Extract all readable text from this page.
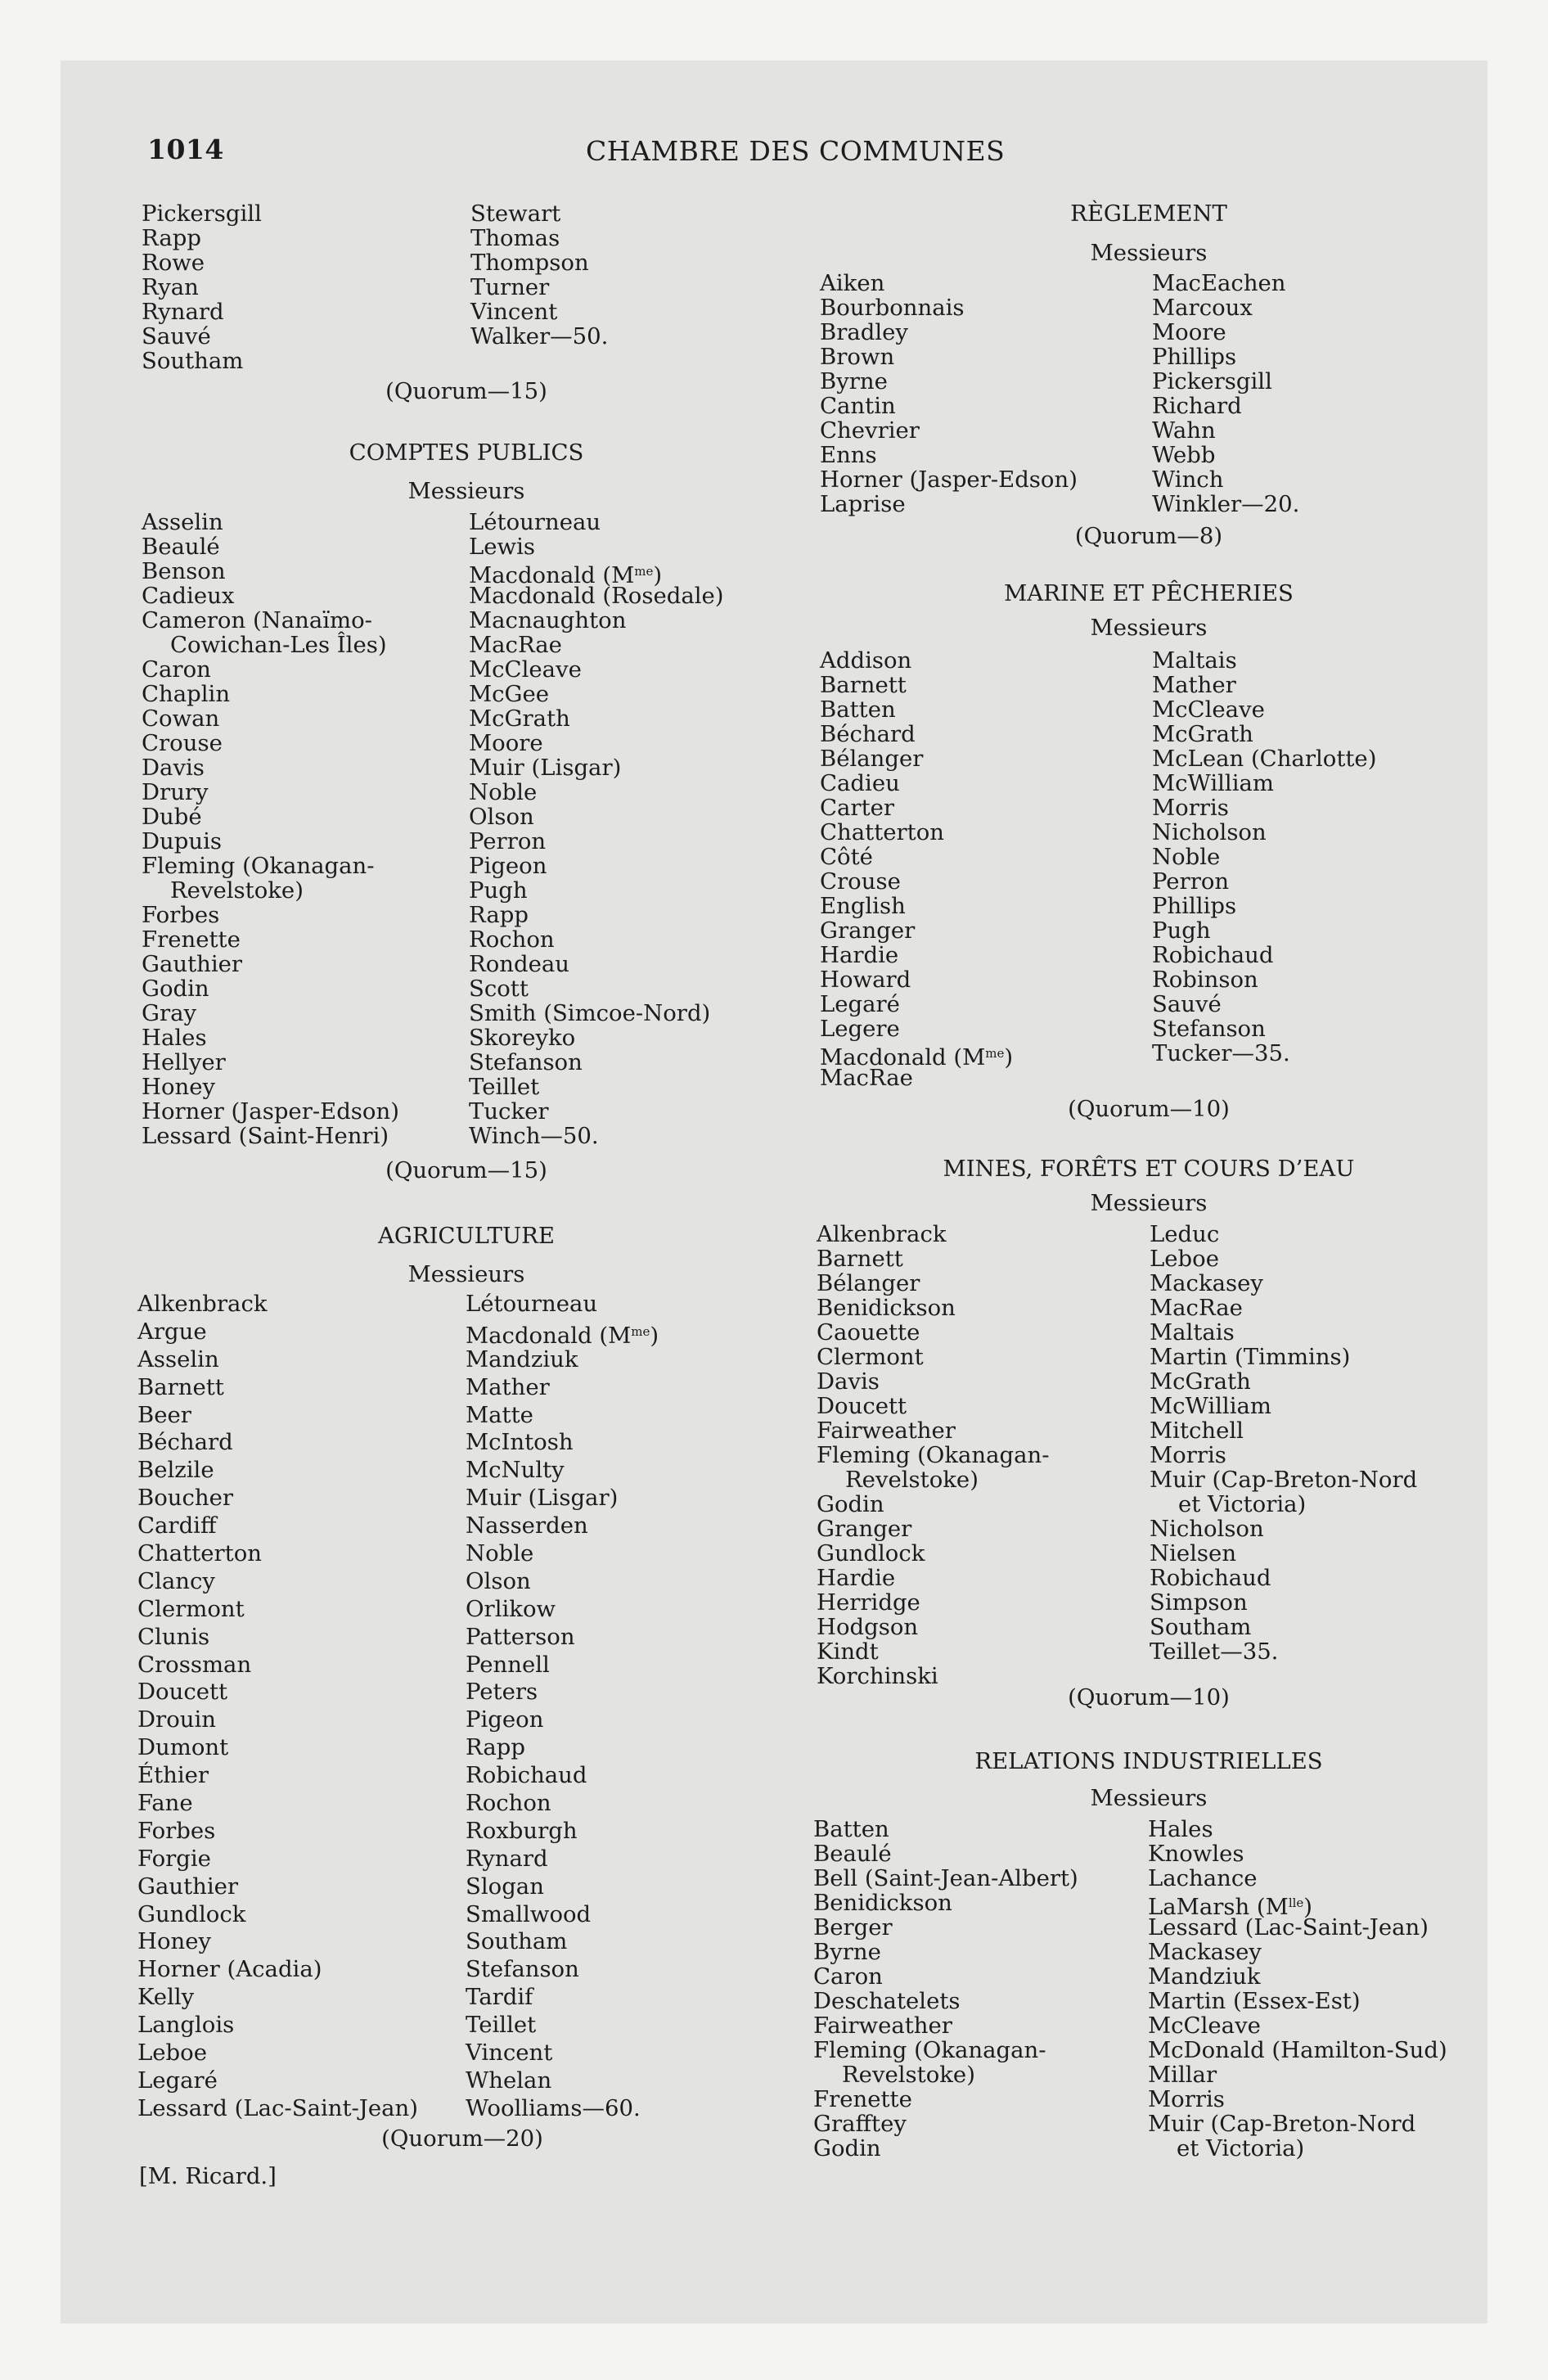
1014	CHAMBRE DES COMMUNES
Pickersgill
Rapp
Rowe
Ryan
Rynard
Sauvé
Southam
Stewart
Thomas
Thompson
Turner
Vincent
Walker—50.
(Quorum—15)
COMPTES PUBLICS
Messieurs
Asselin
Beaulé
Benson
Cadieux
Cameron (Nanaïmo-
Cowichan-Les Îles)
Caron
Chaplin
Cowan
Crouse
Davis
Drury
Dubé
Dupuis
Fleming (Okanagan-
Revelstoke)
Forbes
Frenette
Gauthier
Godin
Gray
Hales
Hellyer
Honey
Horner (Jasper-Edson)
Lessard (Saint-Henri)
Létourneau
Lewis
Macdonald $(M^{me})$
Macdonald (Rosedale)
Macnaughton
MacRae
McCleave
McGee
McGrath
Moore
Muir (Lisgar)
Noble
Olson
Perron
Pigeon
Pugh
Rapp
Rochon
Rondeau
Scott
Smith (Simcoe-Nord)
Skoreyko
Stefanson
Teillet
Tucker
Winch—50.
(Quorum—15)
AGRICULTURE
Messieurs
Alkenbrack
Argue
Asselin
Barnett
Beer
Béchard
Belzile
Boucher
Cardiff
Chatterton
Clancy
Clermont
Clunis
Crossman
Doucett
Drouin
Dumont
Éthier
Fane
Forbes
Forgie
Gauthier
Gundlock
Honey
Horner (Acadia)
Kelly
Langlois
Leboe
Legaré
Lessard (Lac-Saint-Jean)
Létourneau
Macdonald $(M^{me})$
Mandziuk
Mather
Matte
McIntosh
McNulty
Muir (Lisgar)
Nasserden
Noble
Olson
Orlikow
Patterson
Pennell
Peters
Pigeon
Rapp
Robichaud
Rochon
Roxburgh
Rynard
Slogan
Smallwood
Southam
Stefanson
Tardif
Teillet
Vincent
Whelan
Woolliams—60.
(Quorum—20)
RÈGLEMENT
Messieurs
Aiken
Bourbonnais
Bradley
Brown
Byrne
Cantin
Chevrier
Enns
Horner (Jasper-Edson)
Laprise
MacEachen
Marcoux
Moore
Phillips
Pickersgill
Richard
Wahn
Webb
Winch
Winkler—20.
(Quorum—8)
MARINE ET PÊCHERIES
Messieurs
Addison
Barnett
Batten
Béchard
Bélanger
Cadieu
Carter
Chatterton
Côté
Crouse
English
Granger
Hardie
Howard
Legaré
Legere
Macdonald $(M^{me})$
MacRae
Maltais
Mather
McCleave
McGrath
McLean (Charlotte)
McWilliam
Morris
Nicholson
Noble
Perron
Phillips
Pugh
Robichaud
Robinson
Sauvé
Stefanson
Tucker—35.
(Quorum—10)
MINES, FORÊTS ET COURS D’EAU
Messieurs
Alkenbrack
Barnett
Bélanger
Benidickson
Caouette
Clermont
Davis
Doucett
Fairweather
Fleming (Okanagan-
Revelstoke)
Godin
Granger
Gundlock
Hardie
Herridge
Hodgson
Kindt
Korchinski
Leduc
Leboe
Mackasey
MacRae
Maltais
Martin (Timmins)
McGrath
McWilliam
Mitchell
Morris
Muir (Cap-Breton-Nord
et Victoria)
Nicholson
Nielsen
Robichaud
Simpson
Southam
Teillet—35.
(Quorum—10)
RELATIONS INDUSTRIELLES
Messieurs
Batten
Beaulé
Bell (Saint-Jean-Albert)
Benidickson
Berger
Byrne
Caron
Deschatelets
Fairweather
Fleming (Okanagan-
Revelstoke)
Frenette
Grafftey
Godin
Hales
Knowles
Lachance
LaMarsh $(M^{lle})$
Lessard (Lac-Saint-Jean)
Mackasey
Mandziuk
Martin (Essex-Est)
McCleave
McDonald (Hamilton-Sud)
Millar
Morris
Muir (Cap-Breton-Nord
et Victoria)
[M. Ricard.]
